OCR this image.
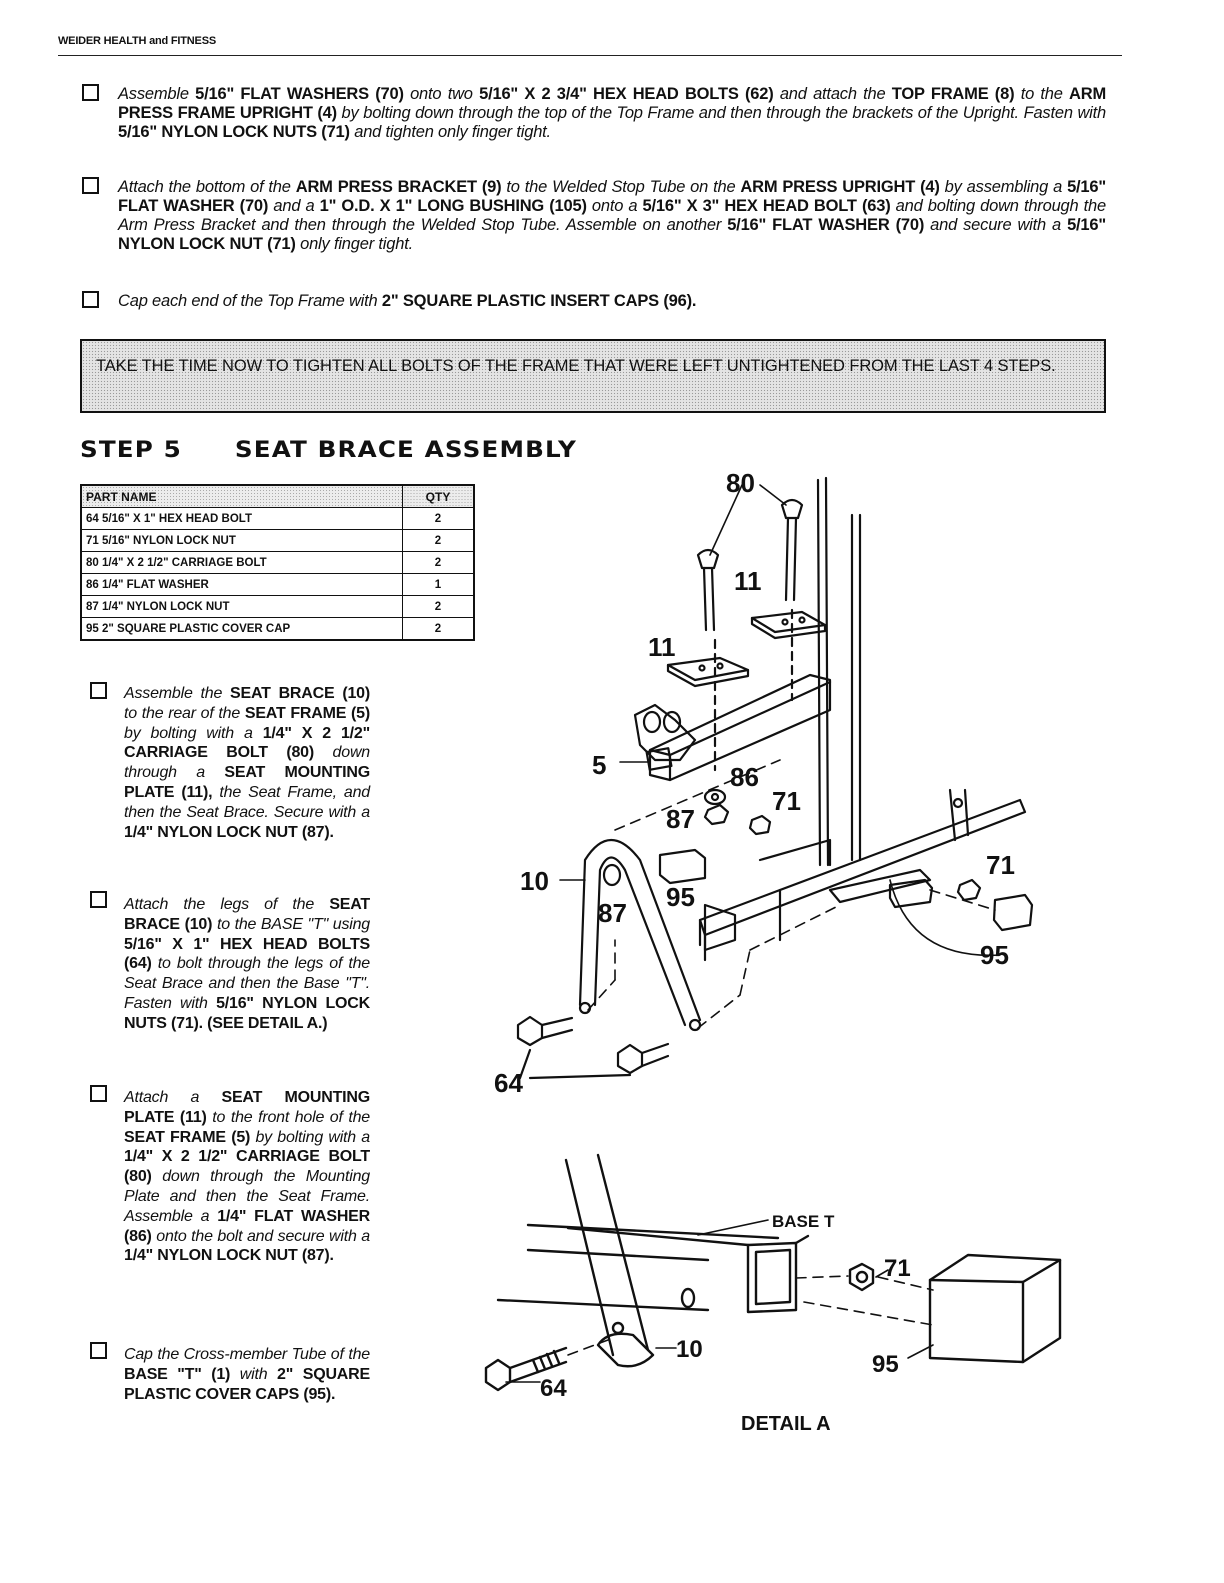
WEIDER HEALTH and FITNESS
Assemble 5/16" FLAT WASHERS (70) onto two 5/16" X 2 3/4" HEX HEAD BOLTS (62) and attach the TOP FRAME (8) to the ARM PRESS FRAME UPRIGHT (4) by bolting down through the top of the Top Frame and then through the brackets of the Upright. Fasten with 5/16" NYLON LOCK NUTS (71) and tighten only finger tight.
Attach the bottom of the ARM PRESS BRACKET (9) to the Welded Stop Tube on the ARM PRESS UPRIGHT (4) by assembling a 5/16" FLAT WASHER (70) and a 1" O.D. X 1" LONG BUSHING (105) onto a 5/16" X 3" HEX HEAD BOLT (63) and bolting down through the Arm Press Bracket and then through the Welded Stop Tube. Assemble on another 5/16" FLAT WASHER (70) and secure with a 5/16" NYLON LOCK NUT (71) only finger tight.
Cap each end of the Top Frame with 2" SQUARE PLASTIC INSERT CAPS (96).
TAKE THE TIME NOW TO TIGHTEN ALL BOLTS OF THE FRAME THAT WERE LEFT UNTIGHTENED FROM THE LAST 4 STEPS.
STEP 5 SEAT BRACE ASSEMBLY
PART NAME	QTY
64 5/16" X 1" HEX HEAD BOLT	2
71 5/16" NYLON LOCK NUT	2
80 1/4" X 2 1/2" CARRIAGE BOLT	2
86 1/4" FLAT WASHER	1
87 1/4" NYLON LOCK NUT	2
95 2" SQUARE PLASTIC COVER CAP	2
Assemble the SEAT BRACE (10) to the rear of the SEAT FRAME (5) by bolting with a 1/4" X 2 1/2" CARRIAGE BOLT (80) down through a SEAT MOUNTING PLATE (11), the Seat Frame, and then the Seat Brace. Secure with a 1/4" NYLON LOCK NUT (87).
Attach the legs of the SEAT BRACE (10) to the BASE "T" using 5/16" X 1" HEX HEAD BOLTS (64) to bolt through the legs of the Seat Brace and then the Base "T". Fasten with 5/16" NYLON LOCK NUTS (71). (SEE DETAIL A.)
Attach a SEAT MOUNTING PLATE (11) to the front hole of the SEAT FRAME (5) by bolting with a 1/4" X 2 1/2" CARRIAGE BOLT (80) down through the Mounting Plate and then the Seat Frame. Assemble a 1/4" FLAT WASHER (86) onto the bolt and secure with a 1/4" NYLON LOCK NUT (87).
Cap the Cross-member Tube of the BASE "T" (1) with 2" SQUARE PLASTIC COVER CAPS (95).
80
11
11
5	86
87
71
71
10
87
95
95
64
BASE T
71
10
95
64
DETAIL A
